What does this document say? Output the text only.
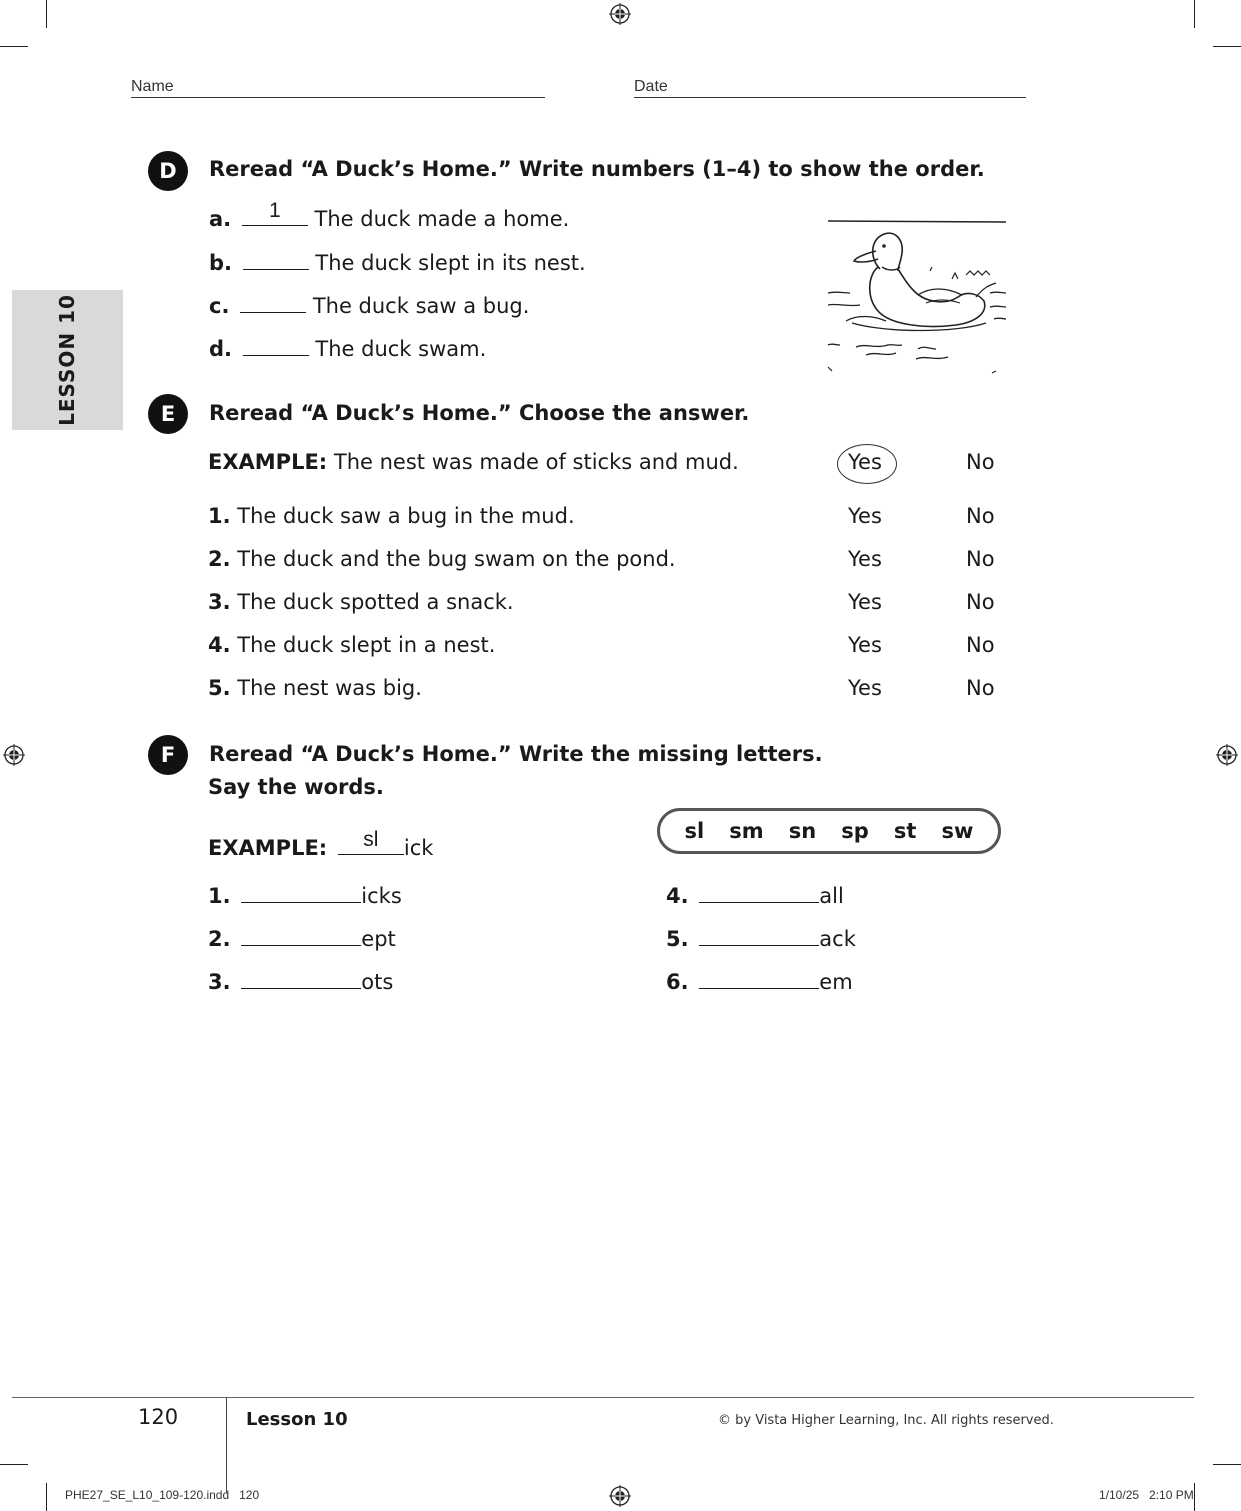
Name	Date
LESSON 10
D	Reread “A Duck’s Home.” Write numbers (1–4) to show the order.
a.	1	The duck made a home.
b.	The duck slept in its nest.
c.	The duck saw a bug.
d.	The duck swam.
E	Reread “A Duck’s Home.” Choose the answer.
EXAMPLE: The nest was made of sticks and mud.	Yes	No
1. The duck saw a bug in the mud.	Yes	No
2. The duck and the bug swam on the pond.	Yes	No
3. The duck spotted a snack.	Yes	No
4. The duck slept in a nest.	Yes	No
5. The nest was big.	Yes	No
F	Reread “A Duck’s Home.” Write the missing letters.
Say the words.
sl sm sn sp st sw
EXAMPLE:	sl	ick
1.	icks
2.	ept
3.	ots
4.	all
5.	ack
6.	em
120	Lesson 10	© by Vista Higher Learning, Inc. All rights reserved.
PHE27_SE_L10_109-120.indd   120	1/10/25   2:10 PM
